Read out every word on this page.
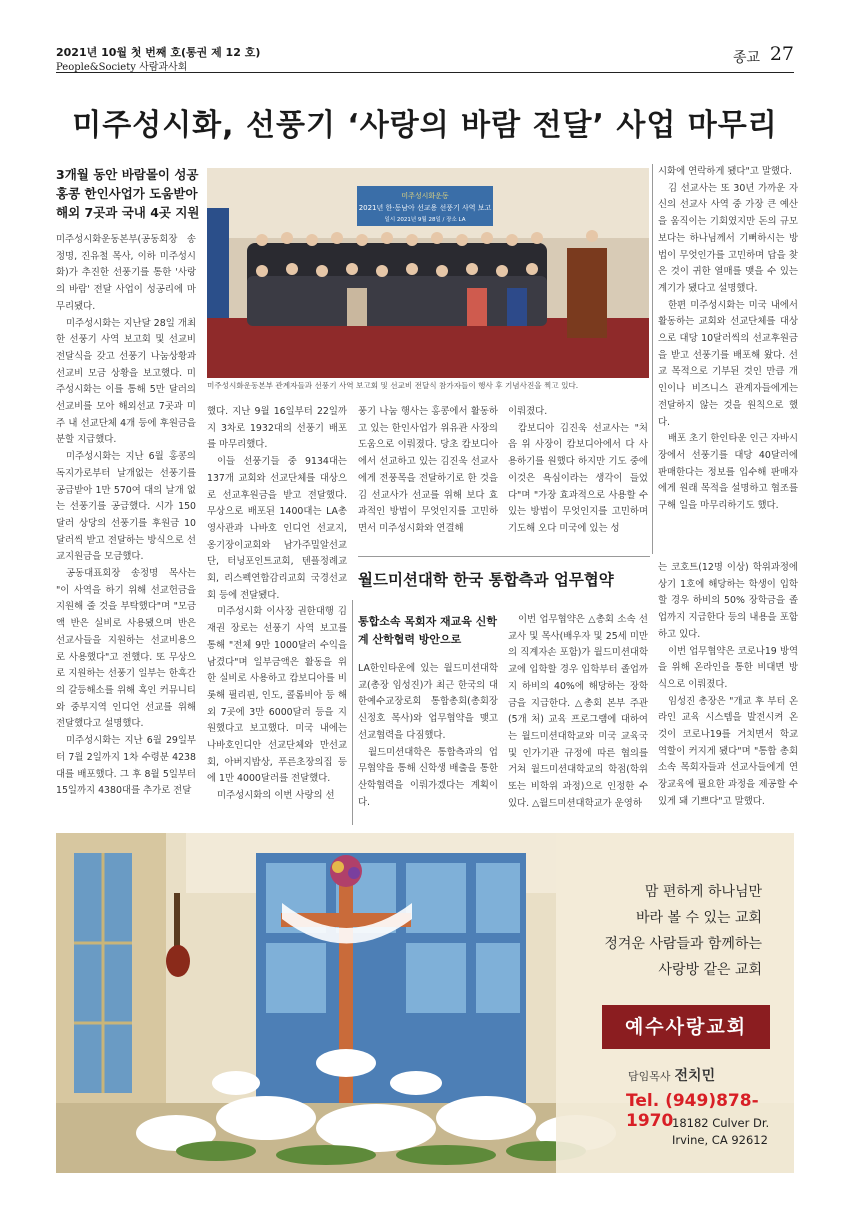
2021년 10월 첫 번째 호(통권 제 12 호)
People&Society 사람과사회
종교 27
미주성시화, 선풍기 ‘사랑의 바람 전달’ 사업 마무리
3개월 동안 바람몰이 성공 홍콩 한인사업가 도움받아 해외 7곳과 국내 4곳 지원

미주성시화운동본부(공동회장 송정명, 진유철 목사, 이하 미주성시화)가 추진한 선풍기를 통한 '사랑의 바람' 전달 사업이 성공리에 마무리됐다.

미주성시화는 지난달 28일 개최한 선풍기 사역 보고회 및 선교비 전달식을 갖고 선풍기 나눔상황과 선교비 모금 상황을 보고했다. 미주성시화는 이를 통해 5만 달러의 선교비를 모아 해외선교 7곳과 미주 내 선교단체 4개 등에 후원금을 분할 지급했다.

미주성시화는 지난 6월 홍콩의 독지가로부터 날개없는 선풍기를 공급받아 1만 570여 대의 날개 없는 선풍기를 공급했다. 시가 150달러 상당의 선풍기를 후원금 10달러씩 받고 전달하는 방식으로 선교지원금을 모금했다.

공동대표회장 송정명 목사는 "이 사역을 하기 위해 선교헌금을 지원해 줄 것을 부탁했다"며 "모금액 반은 실비로 사용됐으며 반은 선교사들을 지원하는 선교비용으로 사용했다"고 전했다. 또 무상으로 지원하는 선풍기 일부는 한흑간의 갈등해소를 위해 흑인 커뮤니티와 중부지역 인디언 선교를 위해 전달했다고 설명했다.

미주성시화는 지난 6월 29일부터 7월 2일까지 1차 수령분 4238대를 배포했다. 그 후 8월 5일부터 15일까지 4380대를 추가로 전달

미주성시화운동
2021년 한·동남아 선교용 선풍기 사역 보고
일시 2021년 9월 28일 / 장소 LA
미주성시화운동본부 관계자들과 선풍기 사역 보고회 및 선교비 전달식 참가자들이 행사 후 기념사진을 찍고 있다.

했다. 지난 9월 16일부터 22일까지 3차로 1932대의 선풍기 배포를 마무리했다.

이들 선풍기들 중 9134대는 137개 교회와 선교단체를 대상으로 선교후원금을 받고 전달했다. 무상으로 배포된 1400대는 LA총영사관과 나바호 인디언 선교지, 옹기장이교회와 남가주밀알선교단, 터닝포인트교회, 텐플정례교회, 리스펙연합감리교회 국경선교회 등에 전달됐다.

미주성시화 이사장 권한대행 김재권 장로는 선풍기 사역 보고를 통해 "전체 9만 1000달러 수익을 남겼다"며 일부금액은 활동을 위한 실비로 사용하고 캄보디아를 비롯해 필리핀, 인도, 콜롬비아 등 해외 7곳에 3만 6000달러 등을 지원했다고 보고했다. 미국 내에는 나바호인디안 선교단체와 만선교회, 아버지밥상, 푸른초장의집 등에 1만 4000달러를 전달했다.

미주성시화의 이번 사랑의 선

풍기 나눔 행사는 홍콩에서 활동하고 있는 한인사업가 위유관 사장의 도움으로 이뤄졌다. 당초 캄보디아에서 선교하고 있는 김진욱 선교사에게 전풍목을 전달하기로 한 것을 김 선교사가 선교를 위해 보다 효과적인 방법이 무엇인지를 고민하면서 미주성시화와 연결해

이뤄졌다.

캄보디아 김진욱 선교사는 "처음 위 사장이 캄보디아에서 다 사용하기를 원했다 하지만 기도 중에 이것은 욕심이라는 생각이 들었다"며 "가장 효과적으로 사용할 수 있는 방법이 무엇인지를 고민하며 기도해 오다 미국에 있는 성

시화에 연락하게 됐다"고 말했다.

김 선교사는 또 30년 가까운 자신의 선교사 사역 중 가장 큰 예산을 움직이는 기회였지만 돈의 규모보다는 하나님께서 기뻐하시는 방법이 무엇인가를 고민하며 답을 찾은 것이 귀한 열매를 맺을 수 있는 계기가 됐다고 설명했다.

한편 미주성시화는 미국 내에서 활동하는 교회와 선교단체를 대상으로 대당 10달러씩의 선교후원금을 받고 선풍기를 배포해 왔다. 선교 목적으로 기부된 것인 만큼 개인이나 비즈니스 관계자들에게는 전달하지 않는 것을 원칙으로 했다.

배포 초기 한인타운 인근 자바시장에서 선풍기를 대당 40달러에 판매한다는 정보를 입수해 판매자에게 원래 목적을 설명하고 협조를 구해 일을 마무리하기도 했다.

월드미션대학 한국 통합측과 업무협약
통합소속 목회자 재교육 신학계 산학협력 방안으로

LA한인타운에 있는 월드미션대학교(총장 임성진)가 최근 한국의 대한예수교장로회 통합총회(총회장 신정호 목사)와 업무협약을 맺고 선교협력을 다짐했다.

월드미션대학은 통합측과의 업무협약을 통해 신학생 배출을 통한 산학협력을 이뤄가겠다는 계획이다.

이번 업무협약은 △총회 소속 선교사 및 목사(배우자 및 25세 미만의 직계자손 포함)가 월드미션대학교에 입학할 경우 입학부터 졸업까지 하비의 40%에 해당하는 장학금을 지급한다. △총회 본부 주관(5개 처) 교육 프로그램에 대하여는 월드미션대학교와 미국 교육국 및 인가기관 규정에 따른 협의를 거쳐 월드미션대학교의 학점(학위 또는 비학위 과정)으로 인정한 수 있다. △월드미션대학교가 운영하

는 코호트(12명 이상) 학위과정에 상기 1호에 해당하는 학생이 입학할 경우 하비의 50% 장학금을 졸업까지 지급한다 등의 내용을 포함하고 있다.

이번 업무협약은 코로나19 방역을 위해 온라인을 통한 비대면 방식으로 이뤄졌다.

임성진 총장은 "개교 후 부터 온라인 교육 시스템을 발전시켜 온 것이 코로나19를 거치면서 학교 역할이 커지게 됐다"며 "통합 총회 소속 목회자들과 선교사들에게 연장교육에 필요한 과정을 제공할 수 있게 돼 기쁘다"고 말했다.

맘 편하게 하나님만
바라 볼 수 있는 교회
정겨운 사람들과 함께하는
사랑방 같은 교회
예수사랑교회
담임목사 전치민
Tel. (949)878-1970
18182 Culver Dr.
Irvine, CA 92612
